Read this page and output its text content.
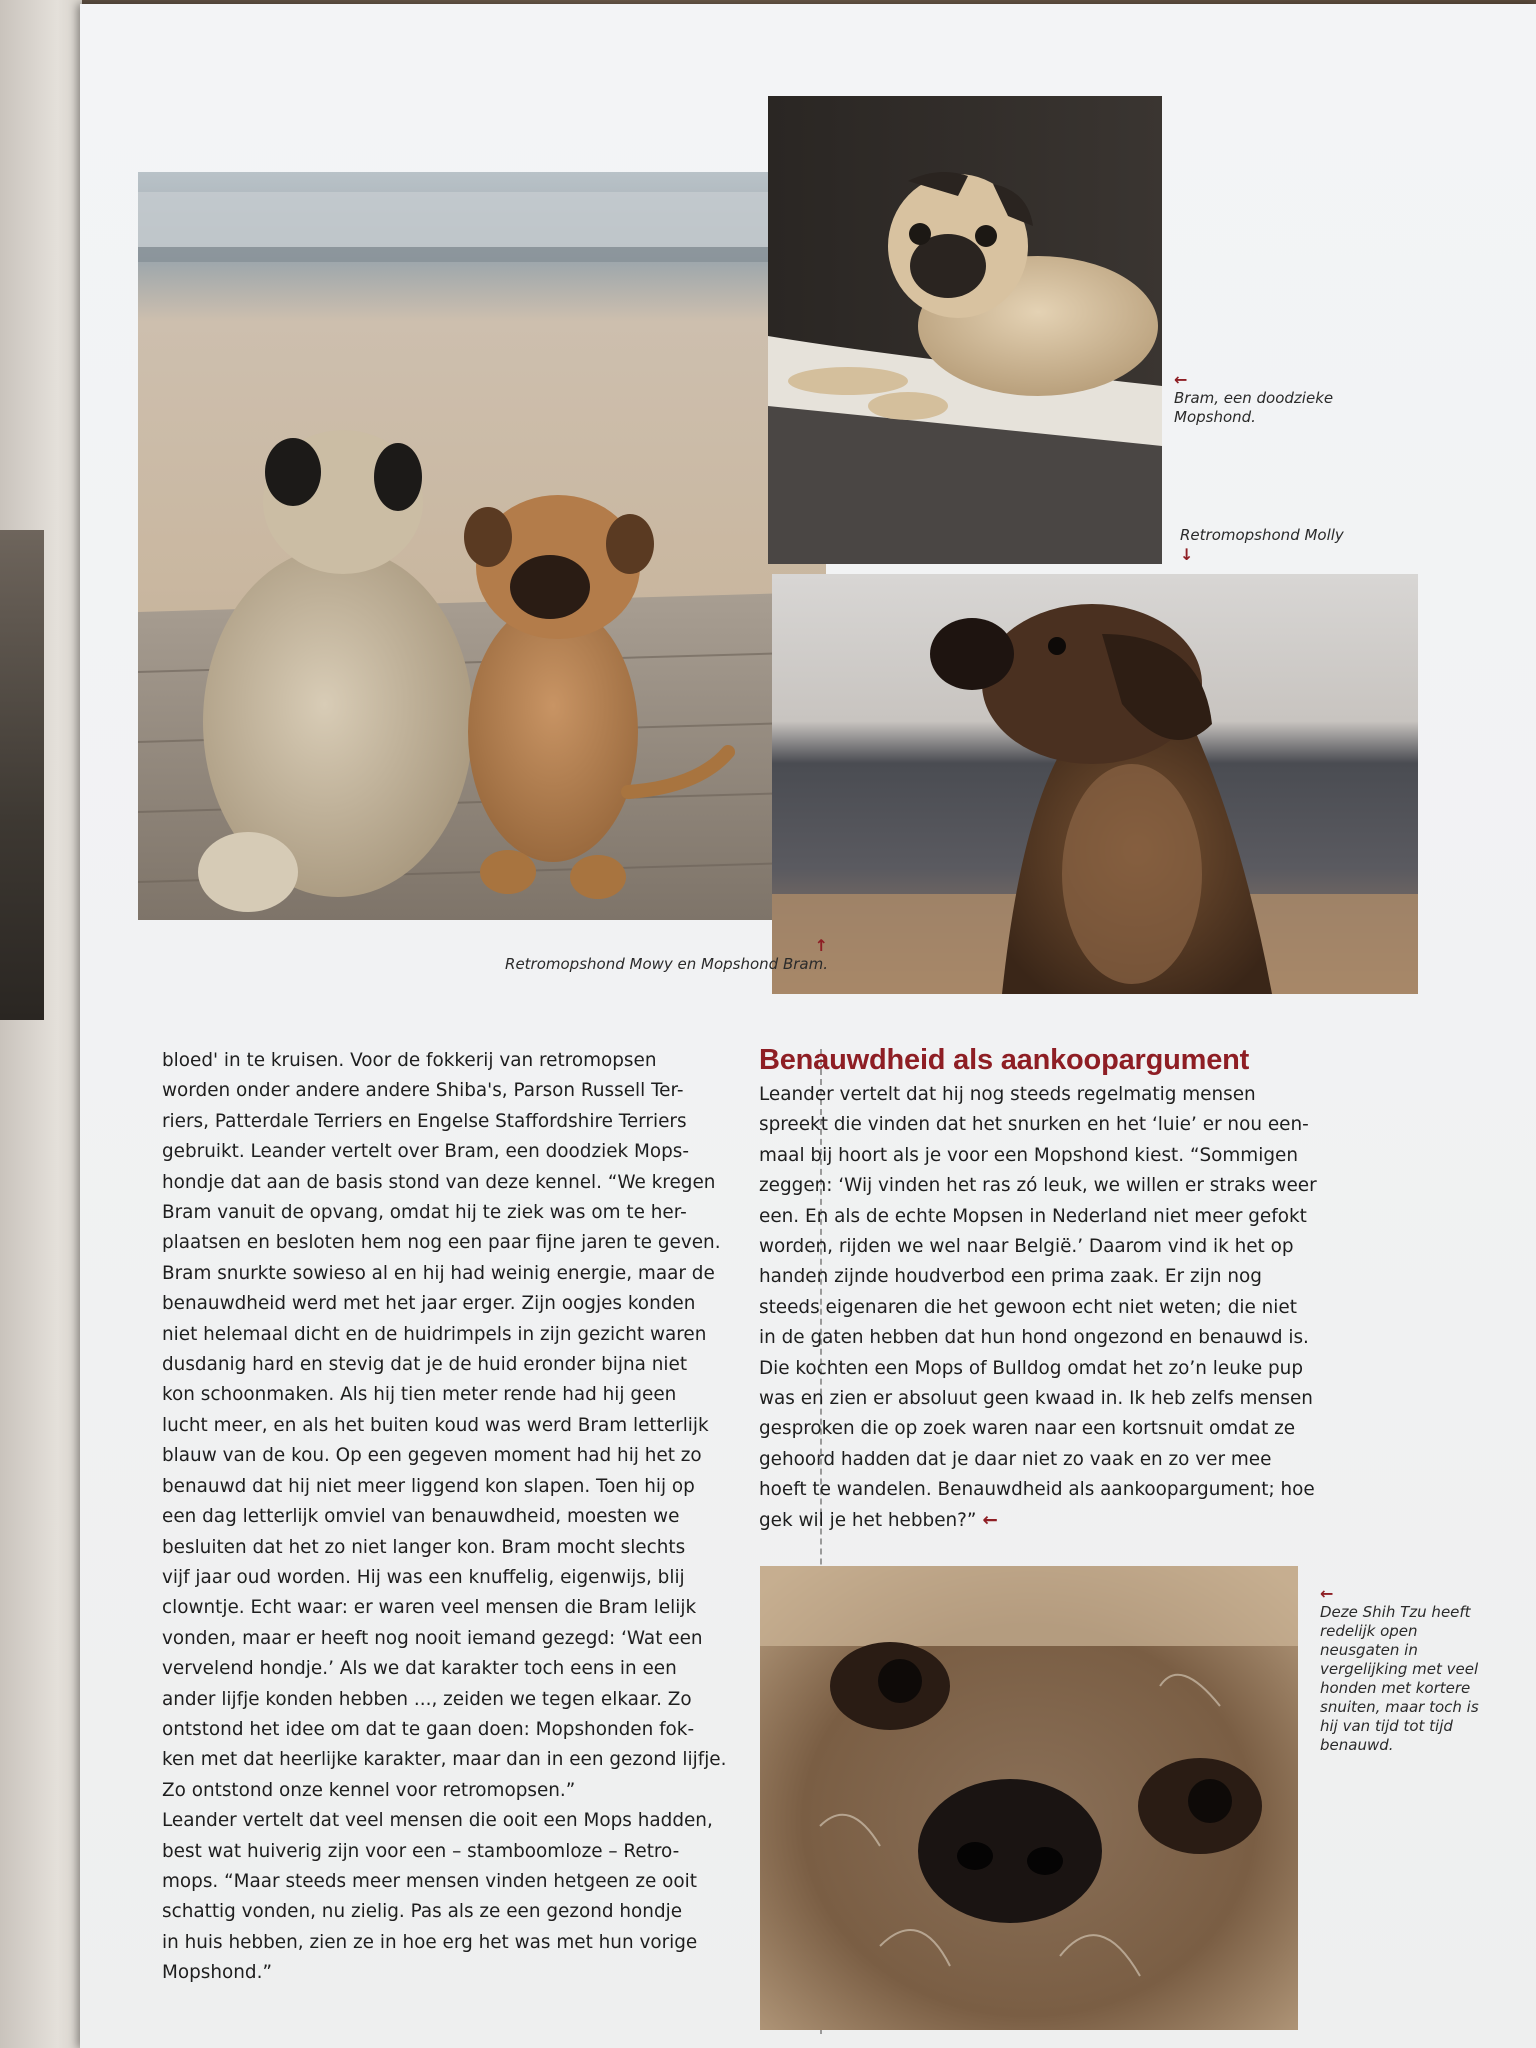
←
Bram, een doodzieke Mopshond.
Retromopshond Molly
↓
↑
Retromopshond Mowy en Mopshond Bram.

bloed' in te kruisen. Voor de fokkerij van retromopsen
worden onder andere andere Shiba's, Parson Russell Ter-
riers, Patterdale Terriers en Engelse Staffordshire Terriers
gebruikt. Leander vertelt over Bram, een doodziek Mops-
hondje dat aan de basis stond van deze kennel. “We kregen
Bram vanuit de opvang, omdat hij te ziek was om te her-
plaatsen en besloten hem nog een paar fijne jaren te geven.
Bram snurkte sowieso al en hij had weinig energie, maar de
benauwdheid werd met het jaar erger. Zijn oogjes konden
niet helemaal dicht en de huidrimpels in zijn gezicht waren
dusdanig hard en stevig dat je de huid eronder bijna niet
kon schoonmaken. Als hij tien meter rende had hij geen
lucht meer, en als het buiten koud was werd Bram letterlijk
blauw van de kou. Op een gegeven moment had hij het zo
benauwd dat hij niet meer liggend kon slapen. Toen hij op
een dag letterlijk omviel van benauwdheid, moesten we
besluiten dat het zo niet langer kon. Bram mocht slechts
vijf jaar oud worden. Hij was een knuffelig, eigenwijs, blij
clowntje. Echt waar: er waren veel mensen die Bram lelijk
vonden, maar er heeft nog nooit iemand gezegd: ‘Wat een
vervelend hondje.’ Als we dat karakter toch eens in een
ander lijfje konden hebben ..., zeiden we tegen elkaar. Zo
ontstond het idee om dat te gaan doen: Mopshonden fok-
ken met dat heerlijke karakter, maar dan in een gezond lijfje.
Zo ontstond onze kennel voor retromopsen.”

Leander vertelt dat veel mensen die ooit een Mops hadden,
best wat huiverig zijn voor een – stamboomloze – Retro-
mops. “Maar steeds meer mensen vinden hetgeen ze ooit
schattig vonden, nu zielig. Pas als ze een gezond hondje
in huis hebben, zien ze in hoe erg het was met hun vorige
Mopshond.”

Benauwdheid als aankoopargument

Leander vertelt dat hij nog steeds regelmatig mensen
spreekt die vinden dat het snurken en het ‘luie’ er nou een-
maal bij hoort als je voor een Mopshond kiest. “Sommigen
zeggen: ‘Wij vinden het ras zó leuk, we willen er straks weer
een. En als de echte Mopsen in Nederland niet meer gefokt
worden, rijden we wel naar België.’ Daarom vind ik het op
handen zijnde houdverbod een prima zaak. Er zijn nog
steeds eigenaren die het gewoon echt niet weten; die niet
in de gaten hebben dat hun hond ongezond en benauwd is.
Die kochten een Mops of Bulldog omdat het zo’n leuke pup
was en zien er absoluut geen kwaad in. Ik heb zelfs mensen
gesproken die op zoek waren naar een kortsnuit omdat ze
gehoord hadden dat je daar niet zo vaak en zo ver mee
hoeft te wandelen. Benauwdheid als aankoopargument; hoe
gek wil je het hebben?” ←

←
Deze Shih Tzu heeft redelijk open neusgaten in vergelijking met veel honden met kortere snuiten, maar toch is hij van tijd tot tijd benauwd.
